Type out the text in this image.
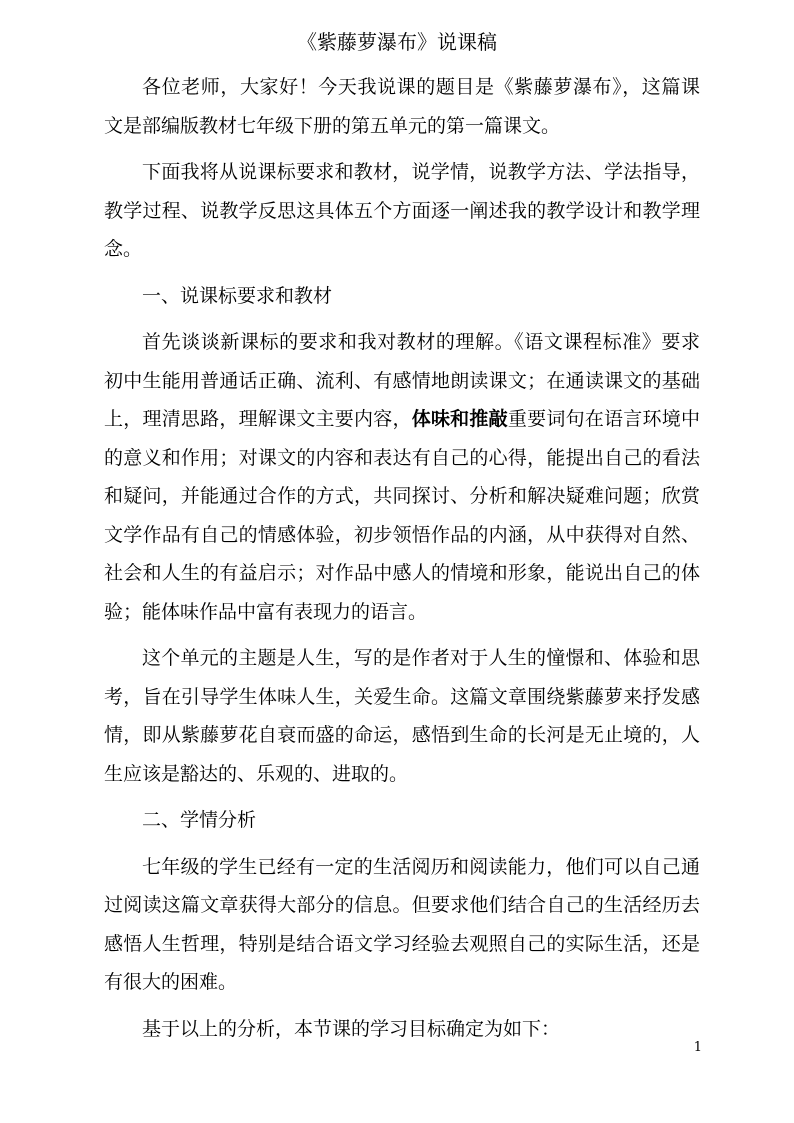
《紫藤萝瀑布》说课稿

各位老师，大家好！今天我说课的题目是《紫藤萝瀑布》，这篇课文是部编版教材七年级下册的第五单元的第一篇课文。

下面我将从说课标要求和教材，说学情，说教学方法、学法指导，教学过程、说教学反思这具体五个方面逐一阐述我的教学设计和教学理念。

一、说课标要求和教材

首先谈谈新课标的要求和我对教材的理解。《语文课程标准》要求初中生能用普通话正确、流利、有感情地朗读课文；在通读课文的基础上，理清思路，理解课文主要内容，体味和推敲重要词句在语言环境中的意义和作用；对课文的内容和表达有自己的心得，能提出自己的看法和疑问，并能通过合作的方式，共同探讨、分析和解决疑难问题；欣赏文学作品有自己的情感体验，初步领悟作品的内涵，从中获得对自然、社会和人生的有益启示；对作品中感人的情境和形象，能说出自己的体验；能体味作品中富有表现力的语言。

这个单元的主题是人生，写的是作者对于人生的憧憬和、体验和思考，旨在引导学生体味人生，关爱生命。这篇文章围绕紫藤萝来抒发感情，即从紫藤萝花自衰而盛的命运，感悟到生命的长河是无止境的，人生应该是豁达的、乐观的、进取的。

二、学情分析

七年级的学生已经有一定的生活阅历和阅读能力，他们可以自己通过阅读这篇文章获得大部分的信息。但要求他们结合自己的生活经历去感悟人生哲理，特别是结合语文学习经验去观照自己的实际生活，还是有很大的困难。

基于以上的分析，本节课的学习目标确定为如下：

1
